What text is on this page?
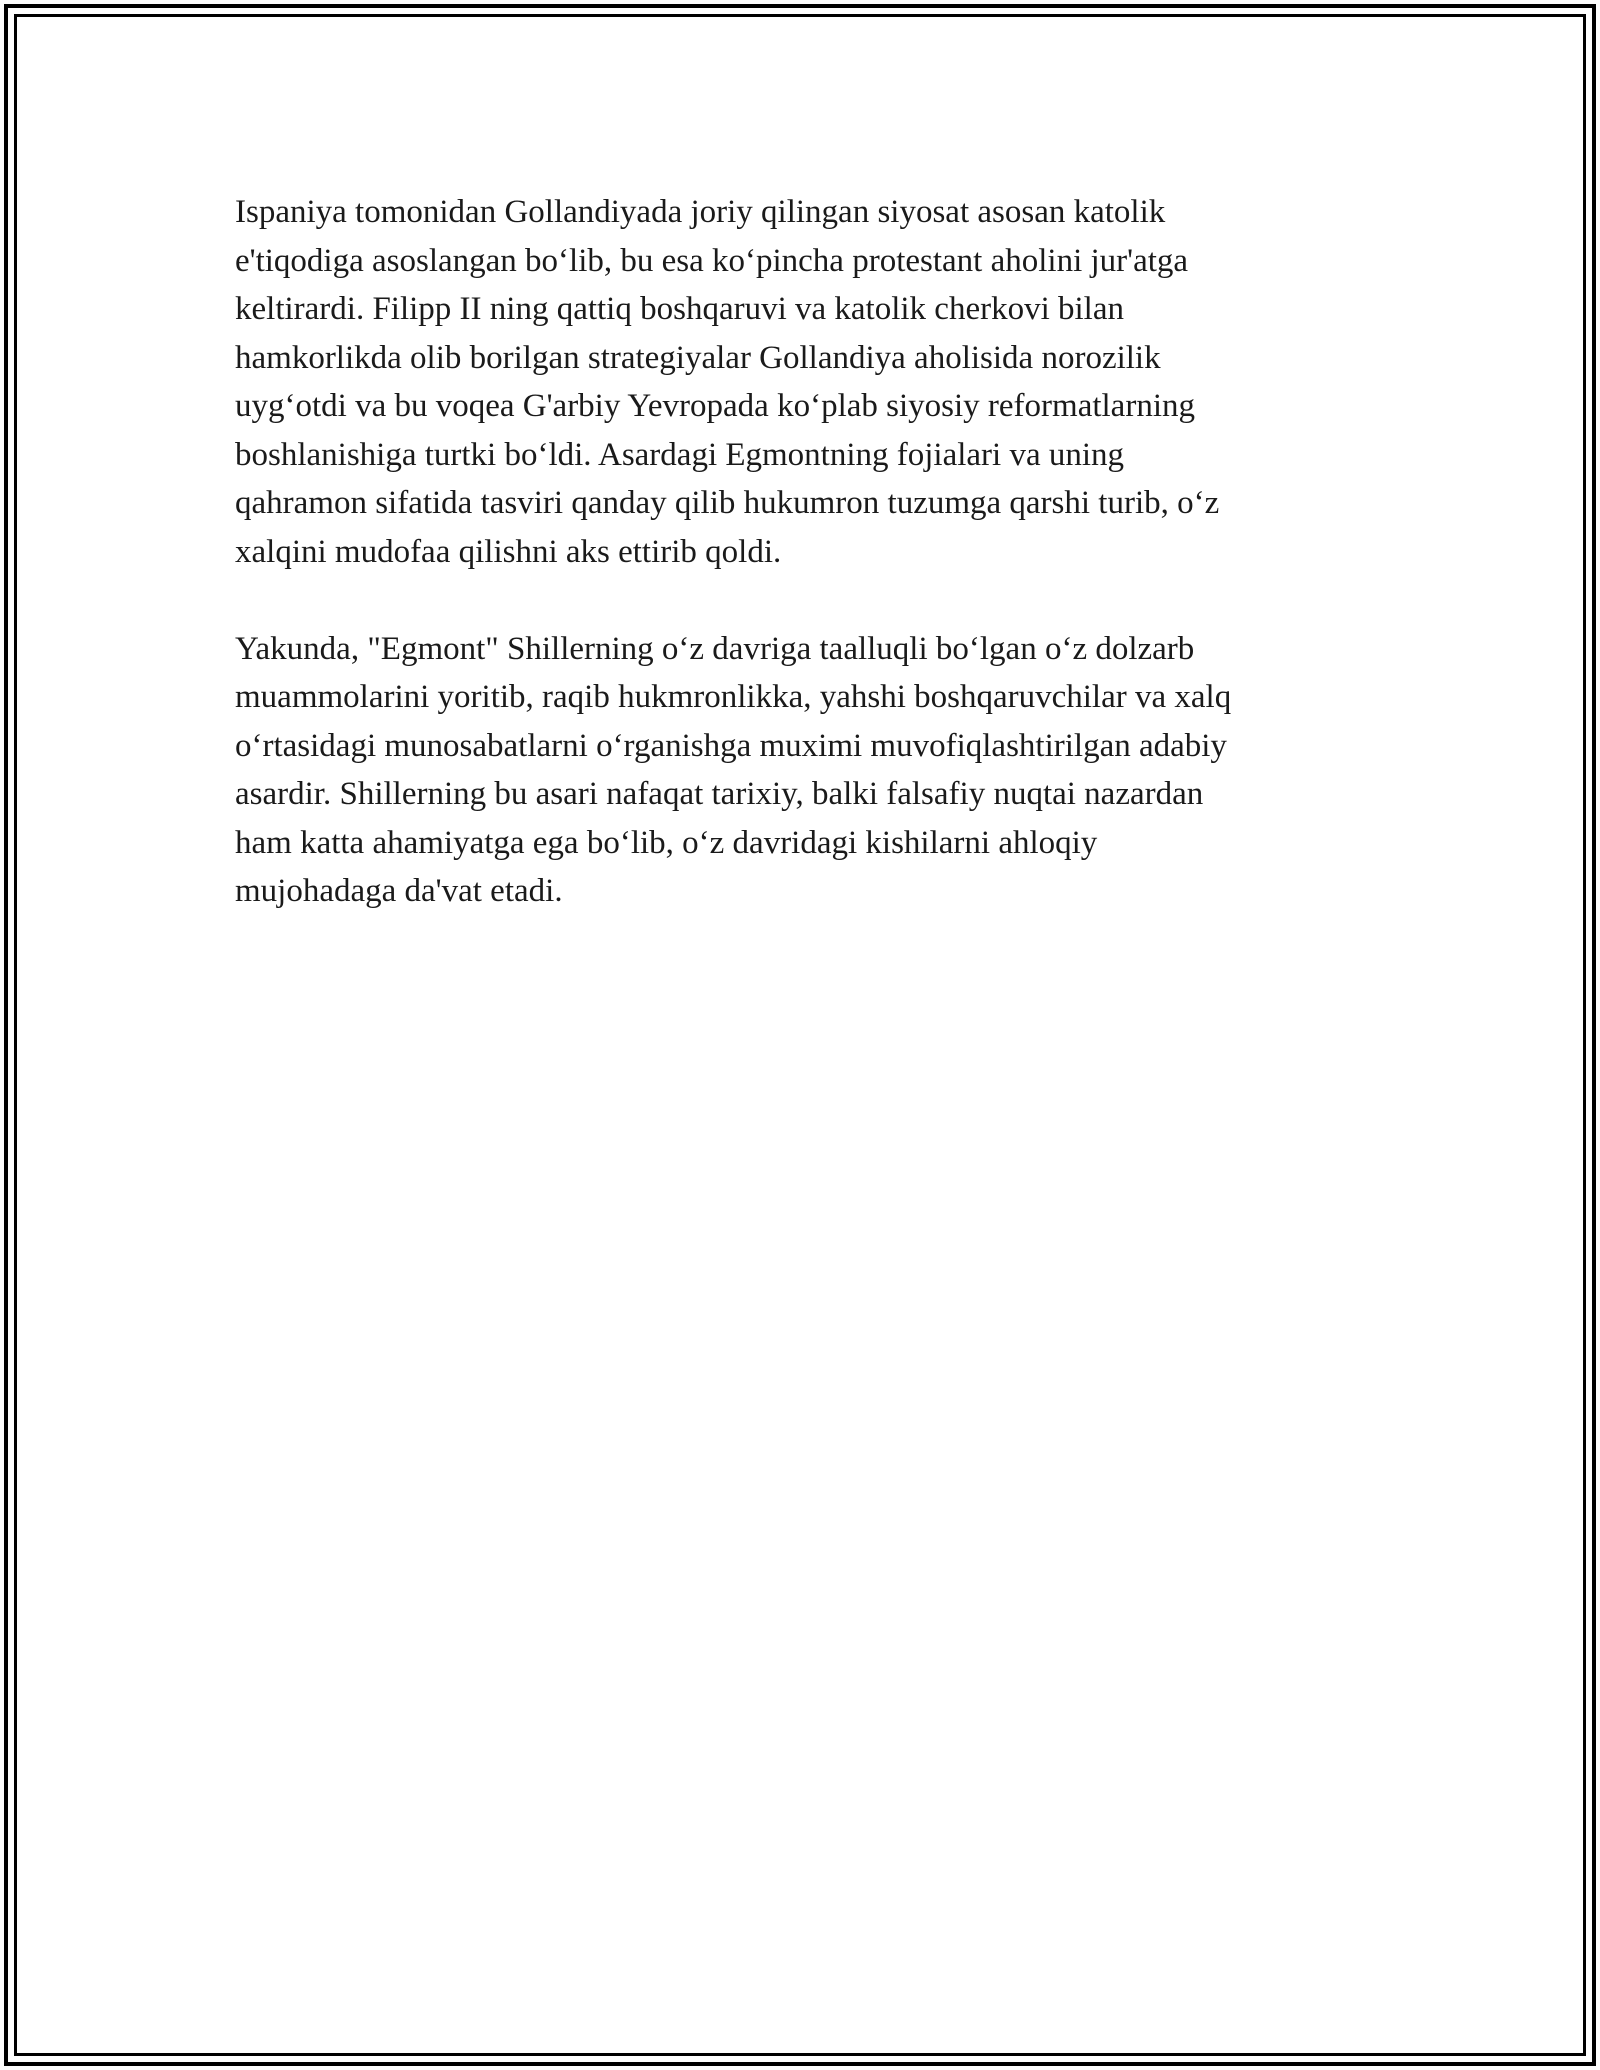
Ispaniya tomonidan Gollandiyada joriy qilingan siyosat asosan katolik
e'tiqodiga asoslangan bo‘lib, bu esa ko‘pincha protestant aholini jur'atga
keltirardi. Filipp II ning qattiq boshqaruvi va katolik cherkovi bilan
hamkorlikda olib borilgan strategiyalar Gollandiya aholisida norozilik
uyg‘otdi va bu voqea G'arbiy Yevropada ko‘plab siyosiy reformatlarning
boshlanishiga turtki bo‘ldi. Asardagi Egmontning fojialari va uning
qahramon sifatida tasviri qanday qilib hukumron tuzumga qarshi turib, o‘z
xalqini mudofaa qilishni aks ettirib qoldi.

Yakunda, "Egmont" Shillerning o‘z davriga taalluqli bo‘lgan o‘z dolzarb
muammolarini yoritib, raqib hukmronlikka, yahshi boshqaruvchilar va xalq
o‘rtasidagi munosabatlarni o‘rganishga muximi muvofiqlashtirilgan adabiy
asardir. Shillerning bu asari nafaqat tarixiy, balki falsafiy nuqtai nazardan
ham katta ahamiyatga ega bo‘lib, o‘z davridagi kishilarni ahloqiy
mujohadaga da'vat etadi.
